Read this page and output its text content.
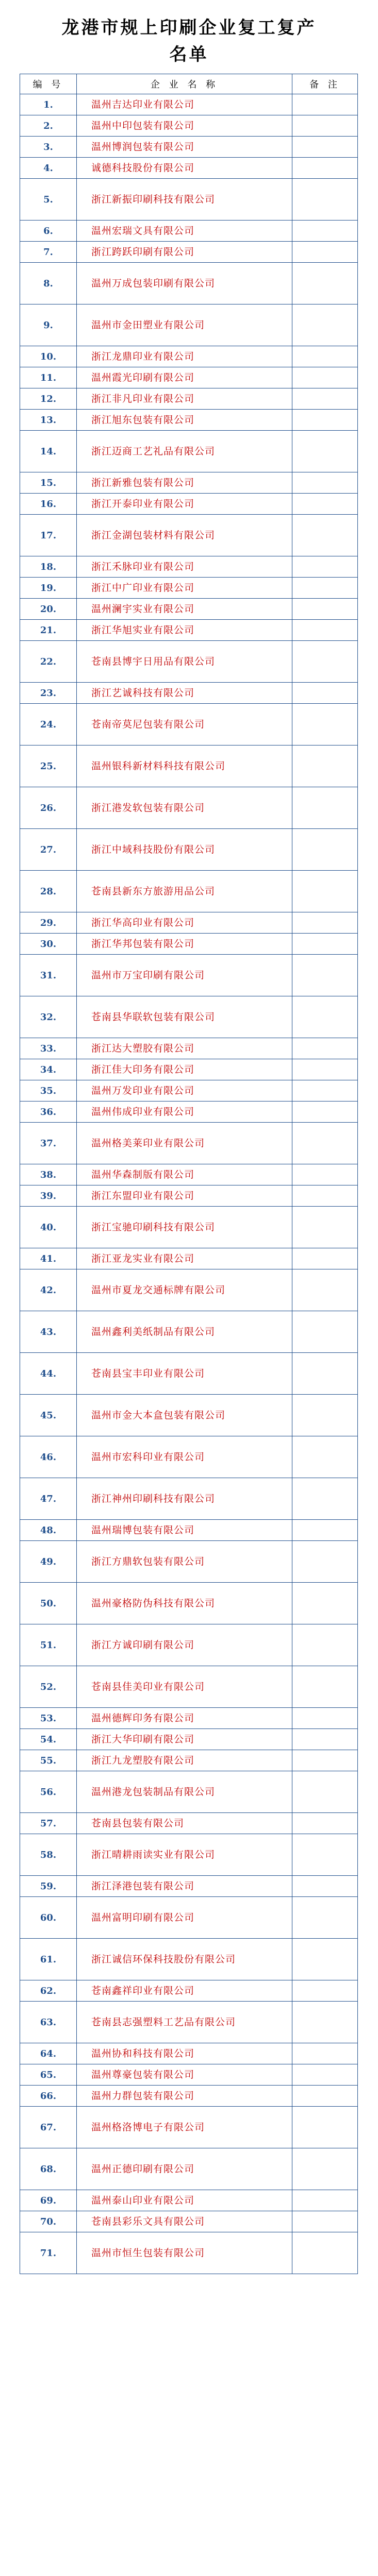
龙港市规上印刷企业复工复产
名单
编 号	企 业 名 称	备 注
1.	温州吉达印业有限公司	
2.	温州中印包装有限公司	
3.	温州博润包装有限公司	
4.	诚德科技股份有限公司	
5.	浙江新振印刷科技有限公司	
6.	温州宏瑞文具有限公司	
7.	浙江跨跃印刷有限公司	
8.	温州万成包装印刷有限公司	
9.	温州市金田塑业有限公司	
10.	浙江龙鼎印业有限公司	
11.	温州霞光印刷有限公司	
12.	浙江非凡印业有限公司	
13.	浙江旭东包装有限公司	
14.	浙江迈商工艺礼品有限公司	
15.	浙江新雅包装有限公司	
16.	浙江开泰印业有限公司	
17.	浙江金湖包装材料有限公司	
18.	浙江禾脉印业有限公司	
19.	浙江中广印业有限公司	
20.	温州澜宇实业有限公司	
21.	浙江华旭实业有限公司	
22.	苍南县博宇日用品有限公司	
23.	浙江艺诚科技有限公司	
24.	苍南帝莫尼包装有限公司	
25.	温州银科新材料科技有限公司	
26.	浙江港发软包装有限公司	
27.	浙江中域科技股份有限公司	
28.	苍南县新东方旅游用品公司	
29.	浙江华高印业有限公司	
30.	浙江华邦包装有限公司	
31.	温州市万宝印刷有限公司	
32.	苍南县华联软包装有限公司	
33.	浙江达大塑胶有限公司	
34.	浙江佳大印务有限公司	
35.	温州万发印业有限公司	
36.	温州伟成印业有限公司	
37.	温州格美莱印业有限公司	
38.	温州华森制版有限公司	
39.	浙江东盟印业有限公司	
40.	浙江宝驰印刷科技有限公司	
41.	浙江亚龙实业有限公司	
42.	温州市夏龙交通标牌有限公司	
43.	温州鑫利美纸制品有限公司	
44.	苍南县宝丰印业有限公司	
45.	温州市金大本盒包装有限公司	
46.	温州市宏科印业有限公司	
47.	浙江神州印刷科技有限公司	
48.	温州瑞博包装有限公司	
49.	浙江方鼎软包装有限公司	
50.	温州豪格防伪科技有限公司	
51.	浙江方诚印刷有限公司	
52.	苍南县佳美印业有限公司	
53.	温州德辉印务有限公司	
54.	浙江大华印刷有限公司	
55.	浙江九龙塑胶有限公司	
56.	温州港龙包装制品有限公司	
57.	苍南县包装有限公司	
58.	浙江晴耕雨读实业有限公司	
59.	浙江泽港包装有限公司	
60.	温州富明印刷有限公司	
61.	浙江诚信环保科技股份有限公司	
62.	苍南鑫祥印业有限公司	
63.	苍南县志强塑料工艺品有限公司	
64.	温州协和科技有限公司	
65.	温州尊豪包装有限公司	
66.	温州力群包装有限公司	
67.	温州格洛博电子有限公司	
68.	温州正德印刷有限公司	
69.	温州泰山印业有限公司	
70.	苍南县彩乐文具有限公司	
71.	温州市恒生包装有限公司	
